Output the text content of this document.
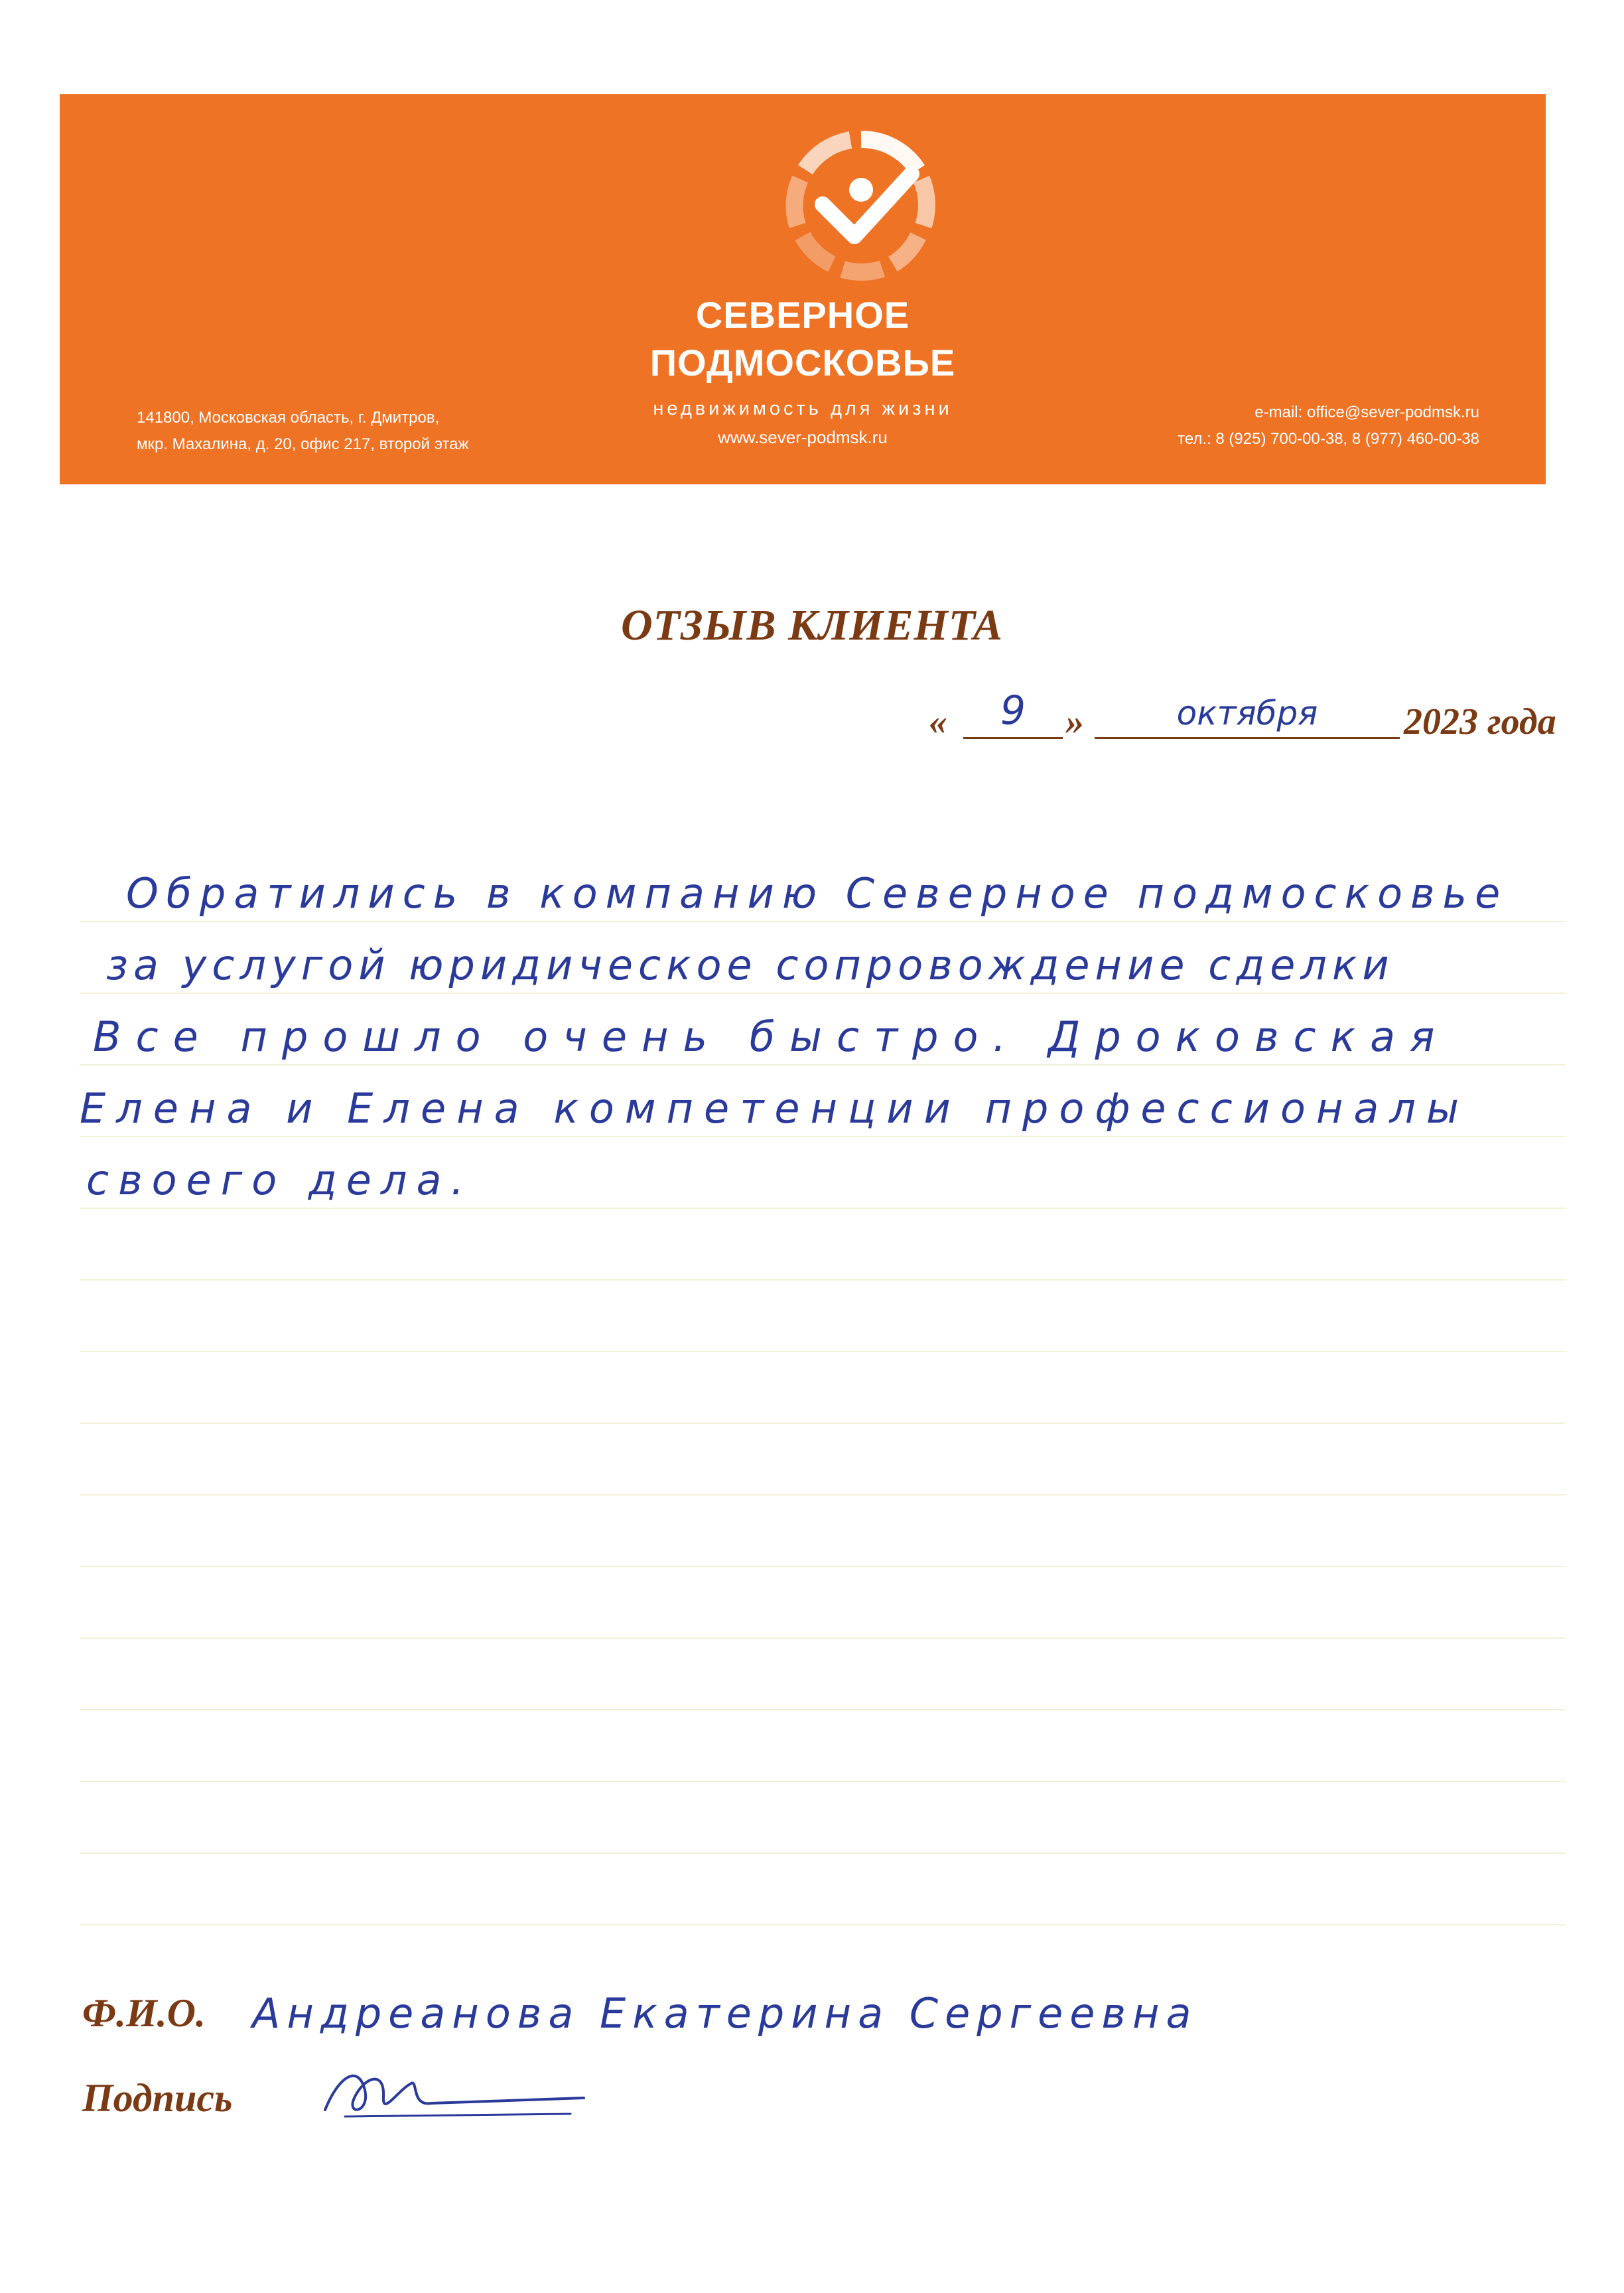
СЕВЕРНОЕ
ПОДМОСКОВЬЕ
недвижимость для жизни
www.sever-podmsk.ru
141800, Московская область, г. Дмитров,
мкр. Махалина, д. 20, офис 217, второй этаж
e-mail: office@sever-podmsk.ru
тел.: 8 (925) 700-00-38, 8 (977) 460-00-38
ОТЗЫВ КЛИЕНТА
«	9	»	октября	2023 года
Обратились в компанию Северное подмосковье
за услугой юридическое сопровождение сделки
Все прошло очень быстро. Дроковская
Елена и Елена компетенции профессионалы
своего дела.
Ф.И.О. Андреанова Екатерина Сергеевна
Подпись
